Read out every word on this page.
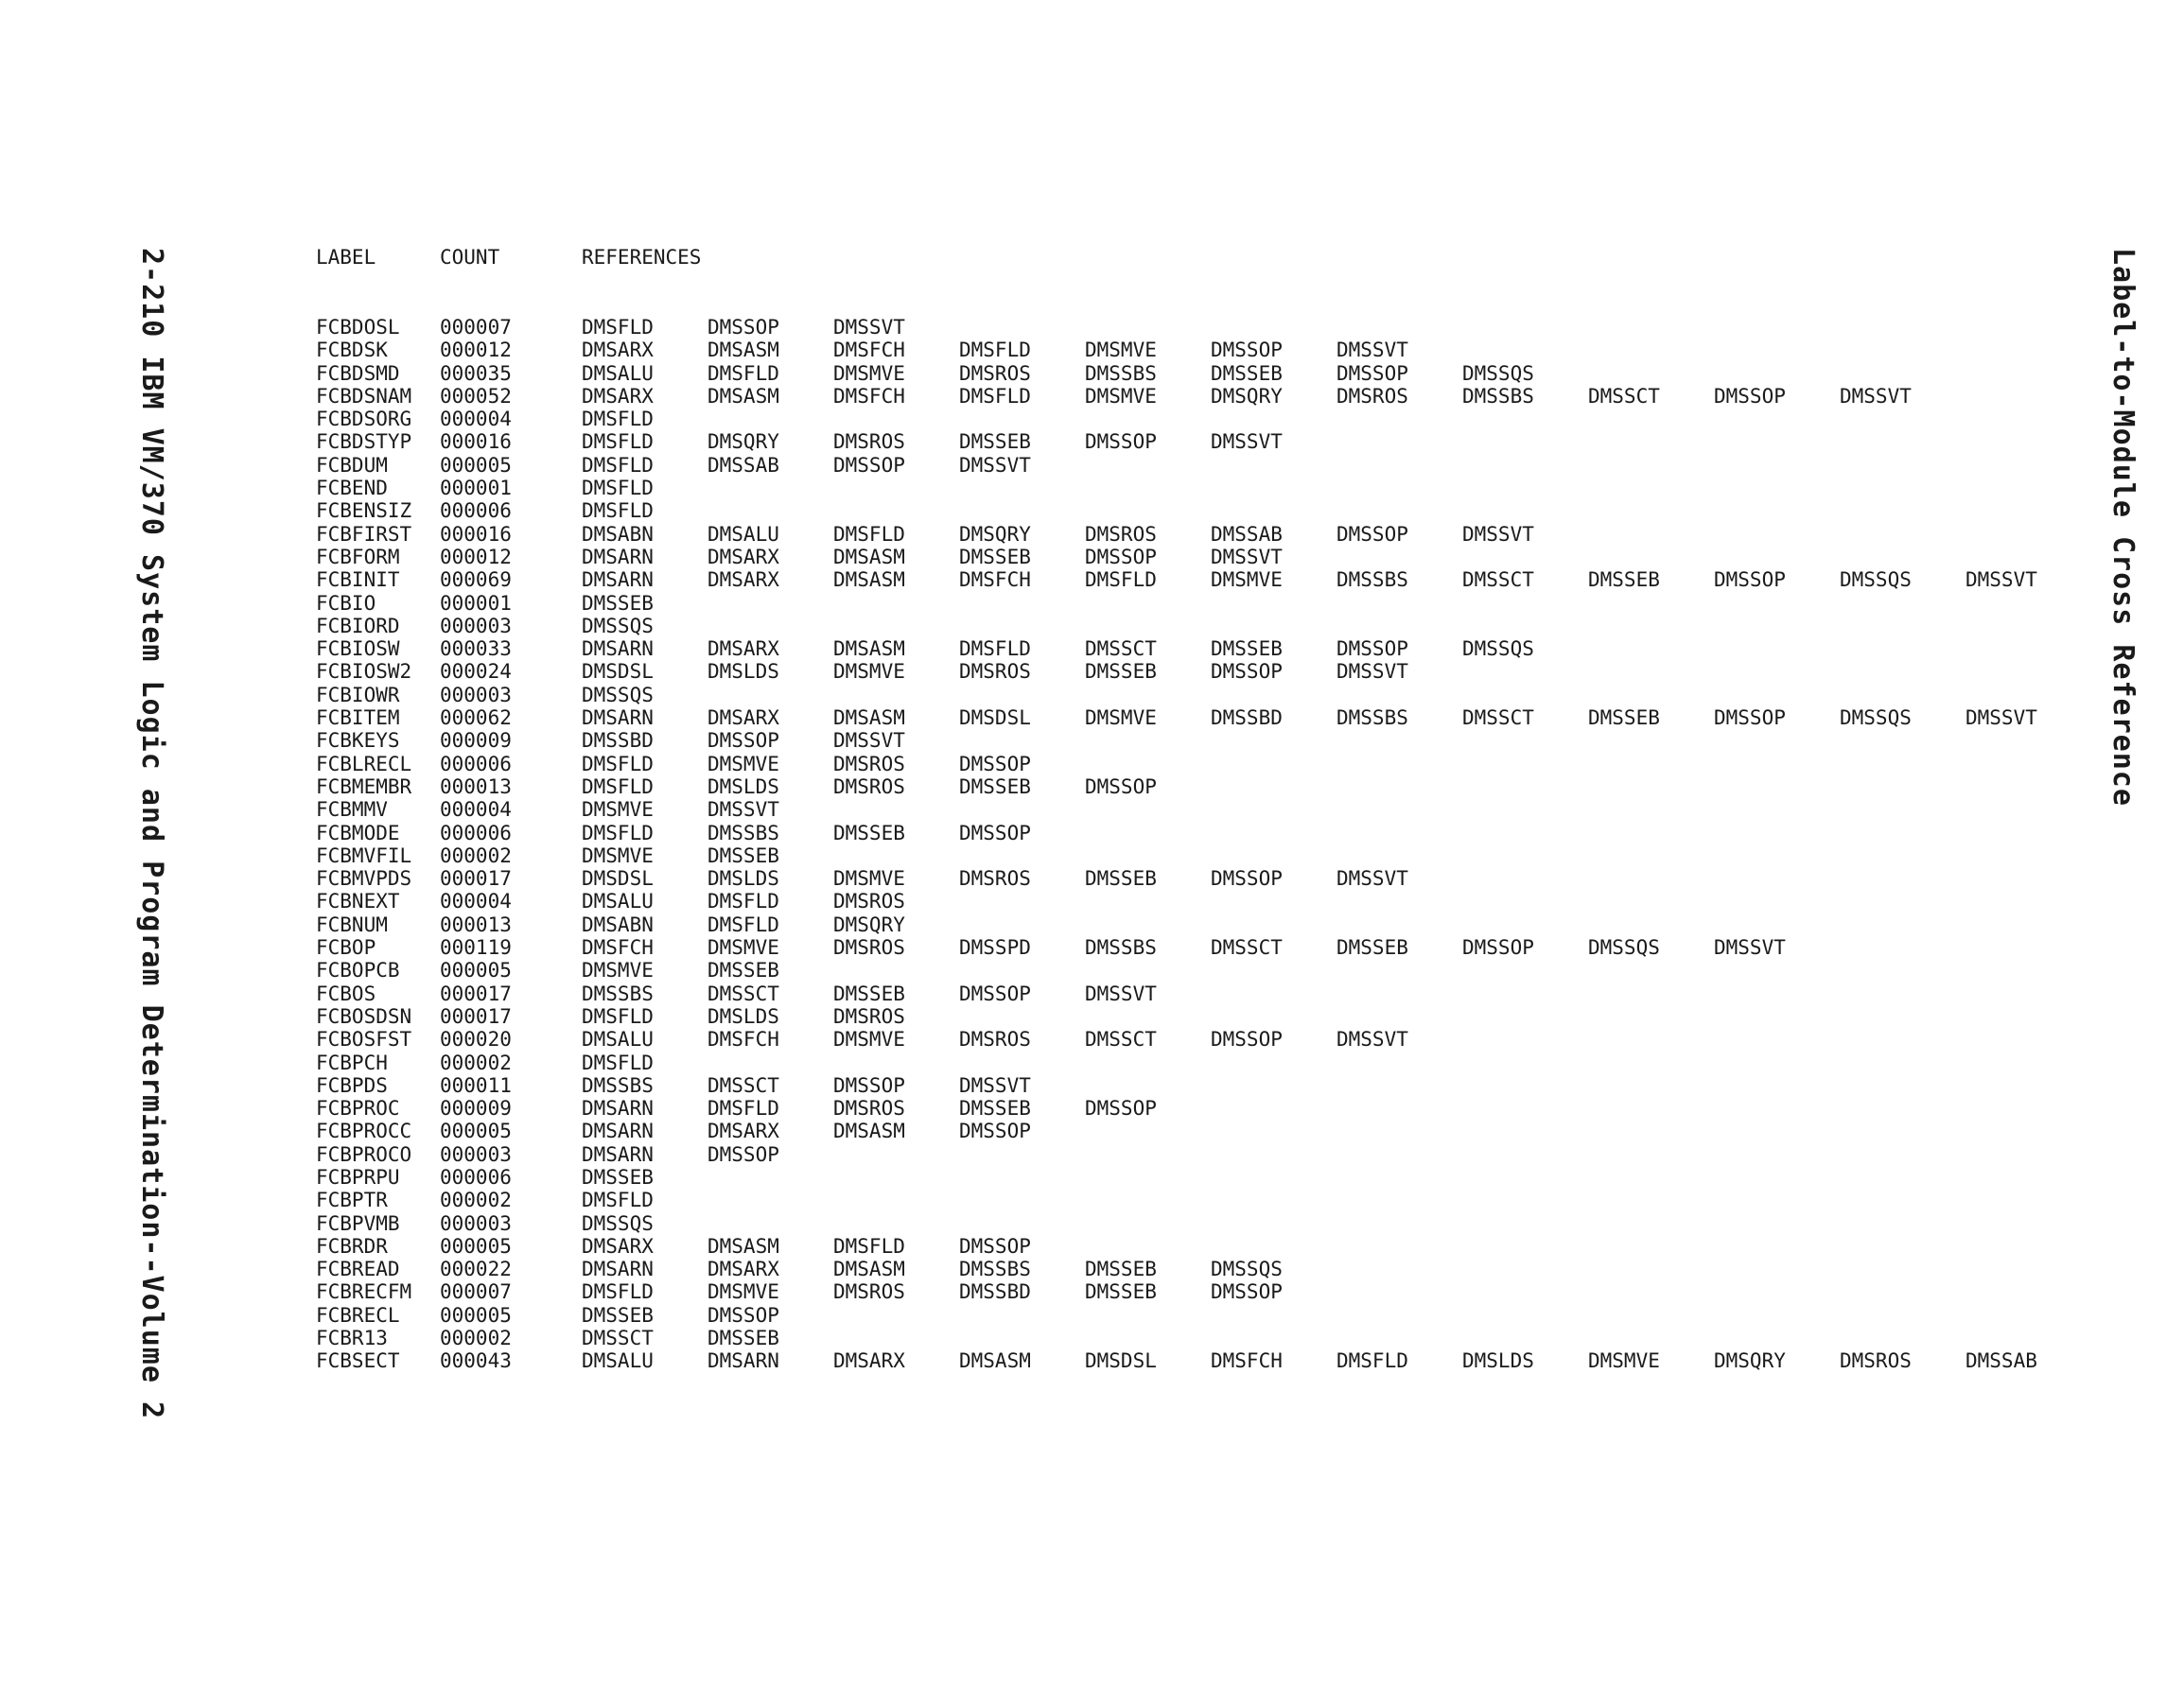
2-210 IBM VM/370 System Logic and Program Determination--Volume 2	Label-to-Module Cross Reference
LABEL	COUNT	REFERENCES
FCBDOSL	000007	DMSFLD	DMSSOP	DMSSVT
FCBDSK	000012	DMSARX	DMSASM	DMSFCH	DMSFLD	DMSMVE	DMSSOP	DMSSVT
FCBDSMD	000035	DMSALU	DMSFLD	DMSMVE	DMSROS	DMSSBS	DMSSEB	DMSSOP	DMSSQS
FCBDSNAM	000052	DMSARX	DMSASM	DMSFCH	DMSFLD	DMSMVE	DMSQRY	DMSROS	DMSSBS	DMSSCT	DMSSOP	DMSSVT
FCBDSORG	000004	DMSFLD
FCBDSTYP	000016	DMSFLD	DMSQRY	DMSROS	DMSSEB	DMSSOP	DMSSVT
FCBDUM	000005	DMSFLD	DMSSAB	DMSSOP	DMSSVT
FCBEND	000001	DMSFLD
FCBENSIZ	000006	DMSFLD
FCBFIRST	000016	DMSABN	DMSALU	DMSFLD	DMSQRY	DMSROS	DMSSAB	DMSSOP	DMSSVT
FCBFORM	000012	DMSARN	DMSARX	DMSASM	DMSSEB	DMSSOP	DMSSVT
FCBINIT	000069	DMSARN	DMSARX	DMSASM	DMSFCH	DMSFLD	DMSMVE	DMSSBS	DMSSCT	DMSSEB	DMSSOP	DMSSQS	DMSSVT
FCBIO	000001	DMSSEB
FCBIORD	000003	DMSSQS
FCBIOSW	000033	DMSARN	DMSARX	DMSASM	DMSFLD	DMSSCT	DMSSEB	DMSSOP	DMSSQS
FCBIOSW2	000024	DMSDSL	DMSLDS	DMSMVE	DMSROS	DMSSEB	DMSSOP	DMSSVT
FCBIOWR	000003	DMSSQS
FCBITEM	000062	DMSARN	DMSARX	DMSASM	DMSDSL	DMSMVE	DMSSBD	DMSSBS	DMSSCT	DMSSEB	DMSSOP	DMSSQS	DMSSVT
FCBKEYS	000009	DMSSBD	DMSSOP	DMSSVT
FCBLRECL	000006	DMSFLD	DMSMVE	DMSROS	DMSSOP
FCBMEMBR	000013	DMSFLD	DMSLDS	DMSROS	DMSSEB	DMSSOP
FCBMMV	000004	DMSMVE	DMSSVT
FCBMODE	000006	DMSFLD	DMSSBS	DMSSEB	DMSSOP
FCBMVFIL	000002	DMSMVE	DMSSEB
FCBMVPDS	000017	DMSDSL	DMSLDS	DMSMVE	DMSROS	DMSSEB	DMSSOP	DMSSVT
FCBNEXT	000004	DMSALU	DMSFLD	DMSROS
FCBNUM	000013	DMSABN	DMSFLD	DMSQRY
FCBOP	000119	DMSFCH	DMSMVE	DMSROS	DMSSPD	DMSSBS	DMSSCT	DMSSEB	DMSSOP	DMSSQS	DMSSVT
FCBOPCB	000005	DMSMVE	DMSSEB
FCBOS	000017	DMSSBS	DMSSCT	DMSSEB	DMSSOP	DMSSVT
FCBOSDSN	000017	DMSFLD	DMSLDS	DMSROS
FCBOSFST	000020	DMSALU	DMSFCH	DMSMVE	DMSROS	DMSSCT	DMSSOP	DMSSVT
FCBPCH	000002	DMSFLD
FCBPDS	000011	DMSSBS	DMSSCT	DMSSOP	DMSSVT
FCBPROC	000009	DMSARN	DMSFLD	DMSROS	DMSSEB	DMSSOP
FCBPROCC	000005	DMSARN	DMSARX	DMSASM	DMSSOP
FCBPROCO	000003	DMSARN	DMSSOP
FCBPRPU	000006	DMSSEB
FCBPTR	000002	DMSFLD
FCBPVMB	000003	DMSSQS
FCBRDR	000005	DMSARX	DMSASM	DMSFLD	DMSSOP
FCBREAD	000022	DMSARN	DMSARX	DMSASM	DMSSBS	DMSSEB	DMSSQS
FCBRECFM	000007	DMSFLD	DMSMVE	DMSROS	DMSSBD	DMSSEB	DMSSOP
FCBRECL	000005	DMSSEB	DMSSOP
FCBR13	000002	DMSSCT	DMSSEB
FCBSECT	000043	DMSALU	DMSARN	DMSARX	DMSASM	DMSDSL	DMSFCH	DMSFLD	DMSLDS	DMSMVE	DMSQRY	DMSROS	DMSSAB
